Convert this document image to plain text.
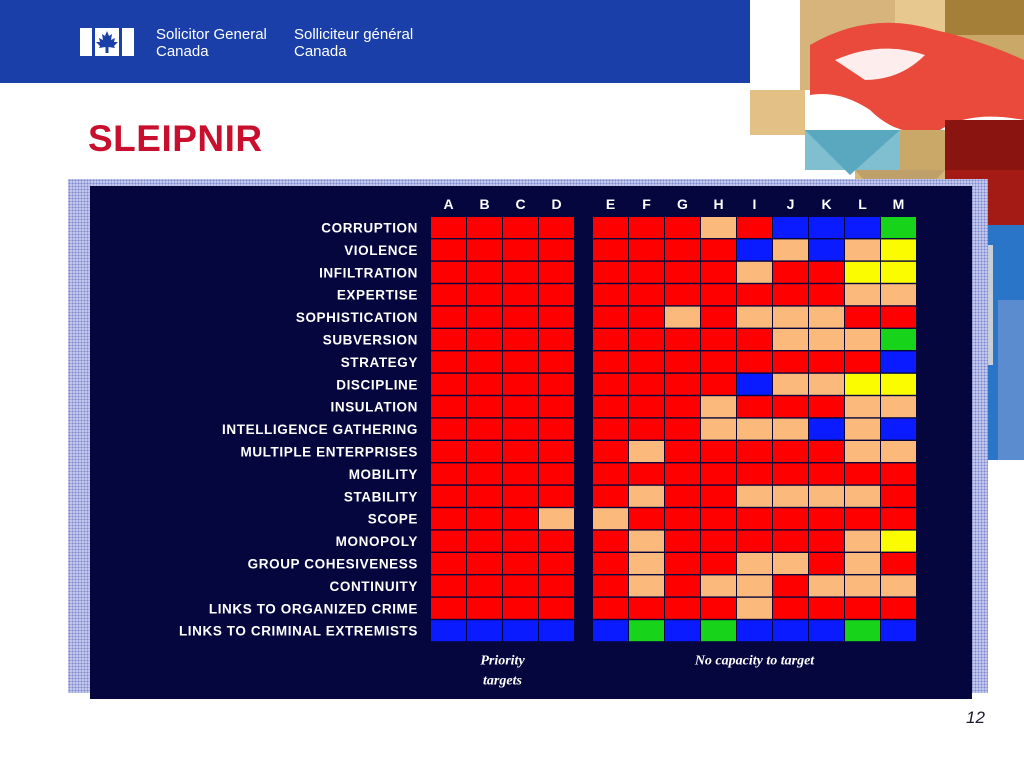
Solicitor General
Canada
Solliciteur général
Canada
SLEIPNIR
A B C D	E F G H I J K L M
CORRUPTION
VIOLENCE
INFILTRATION
EXPERTISE
SOPHISTICATION
SUBVERSION
STRATEGY
DISCIPLINE
INSULATION
INTELLIGENCE GATHERING
MULTIPLE ENTERPRISES
MOBILITY
STABILITY
SCOPE
MONOPOLY
GROUP COHESIVENESS
CONTINUITY
LINKS TO ORGANIZED CRIME
LINKS TO CRIMINAL EXTREMISTS
Priority targets
No capacity to target
12
